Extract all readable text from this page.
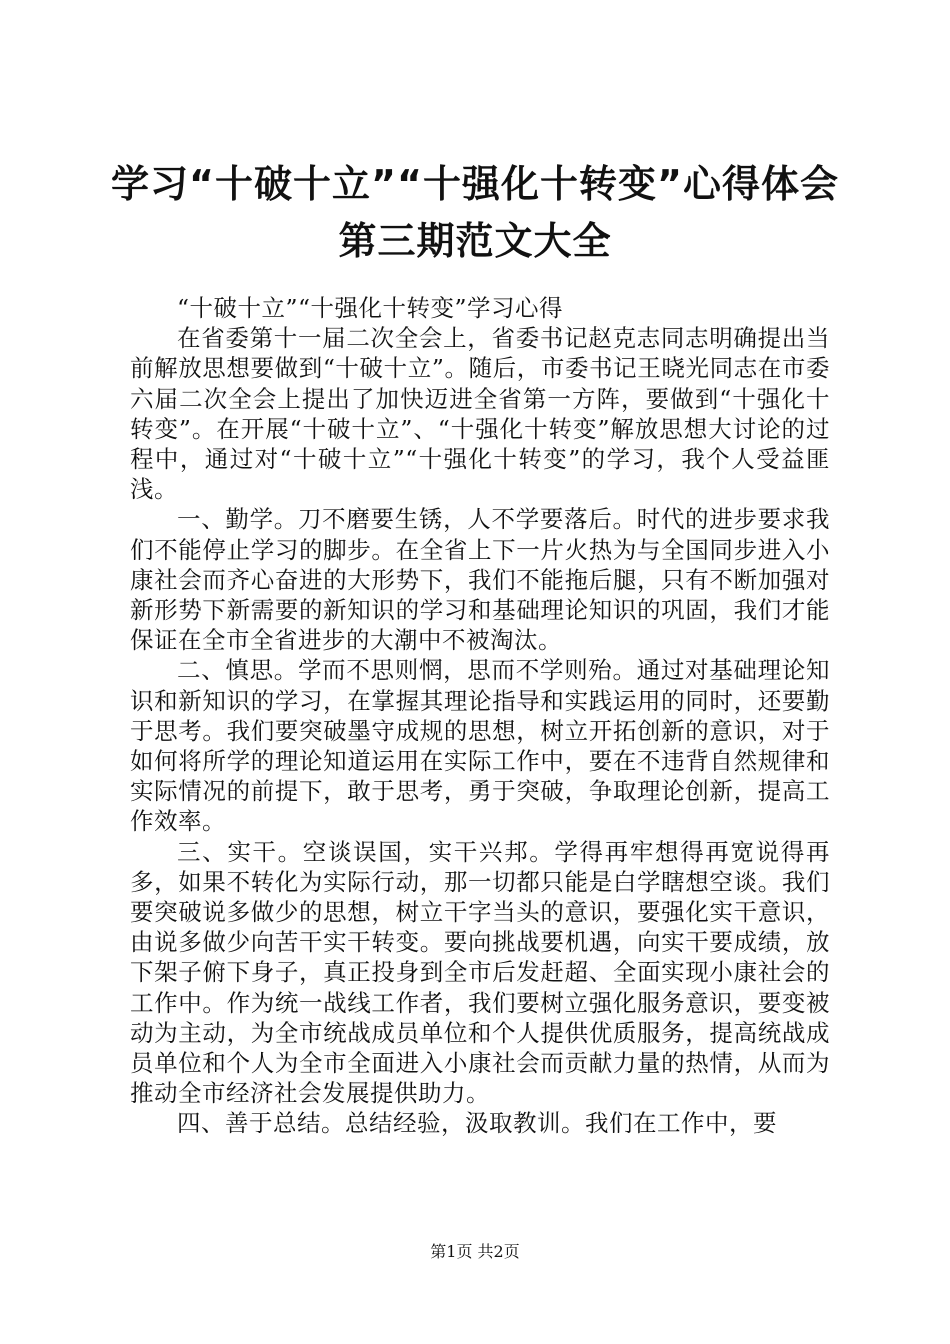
学习“十破十立”“十强化十转变”心得体会
第三期范文大全

“十破十立”“十强化十转变”学习心得

在省委第十一届二次全会上，省委书记赵克志同志明确提出当前解放思想要做到“十破十立”。随后，市委书记王晓光同志在市委六届二次全会上提出了加快迈进全省第一方阵，要做到“十强化十转变”。在开展“十破十立”、“十强化十转变”解放思想大讨论的过程中，通过对“十破十立”“十强化十转变”的学习，我个人受益匪浅。

一、勤学。刀不磨要生锈，人不学要落后。时代的进步要求我们不能停止学习的脚步。在全省上下一片火热为与全国同步进入小康社会而齐心奋进的大形势下，我们不能拖后腿，只有不断加强对新形势下新需要的新知识的学习和基础理论知识的巩固，我们才能保证在全市全省进步的大潮中不被淘汰。

二、慎思。学而不思则惘，思而不学则殆。通过对基础理论知识和新知识的学习，在掌握其理论指导和实践运用的同时，还要勤于思考。我们要突破墨守成规的思想，树立开拓创新的意识，对于如何将所学的理论知道运用在实际工作中，要在不违背自然规律和实际情况的前提下，敢于思考，勇于突破，争取理论创新，提高工作效率。

三、实干。空谈误国，实干兴邦。学得再牢想得再宽说得再多，如果不转化为实际行动，那一切都只能是白学瞎想空谈。我们要突破说多做少的思想，树立干字当头的意识，要强化实干意识，由说多做少向苦干实干转变。要向挑战要机遇，向实干要成绩，放下架子俯下身子，真正投身到全市后发赶超、全面实现小康社会的工作中。作为统一战线工作者，我们要树立强化服务意识，要变被动为主动，为全市统战成员单位和个人提供优质服务，提高统战成员单位和个人为全市全面进入小康社会而贡献力量的热情，从而为推动全市经济社会发展提供助力。

四、善于总结。总结经验，汲取教训。我们在工作中，要

第1页 共2页
